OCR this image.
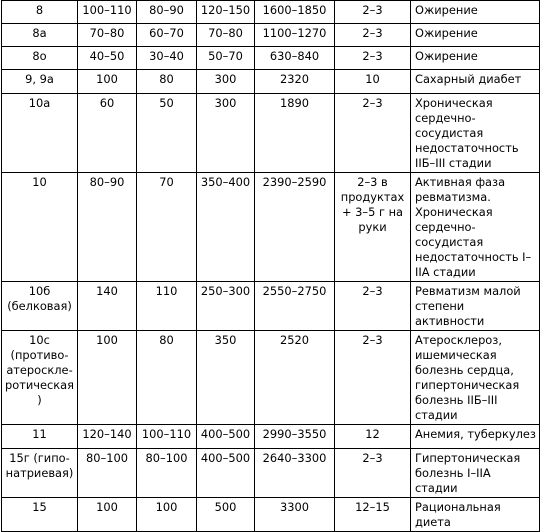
8	100–110	80–90	120–150	1600–1850	2–3	Ожирение
8а	70–80	60–70	70–80	1100–1270	2–3	Ожирение
8о	40–50	30–40	50–70	630–840	2–3	Ожирение
9, 9а	100	80	300	2320	10	Сахарный диабет
10а	60	50	300	1890	2–3	Хроническая сердечно-сосудистая недостаточность IIБ–III стадии
10	80–90	70	350–400	2390–2590	2–3 в продуктах + 3–5 г на руки	Активная фаза ревматизма. Хроническая сердечно-сосудистая недостаточность I–IIА стадии
10б (белковая)	140	110	250–300	2550–2750	2–3	Ревматизм малой степени активности
10с (противо-атероскле-ротическая)	100	80	350	2520	2–3	Атеросклероз, ишемическая болезнь сердца, гипертоническая болезнь IIБ–III стадии
11	120–140	100–110	400–500	2990–3550	12	Анемия, туберкулез
15г (гипо-натриевая)	80–100	80–100	400–500	2640–3300	2–3	Гипертоническая болезнь I–IIА стадии
15	100	100	500	3300	12–15	Рациональная диета
